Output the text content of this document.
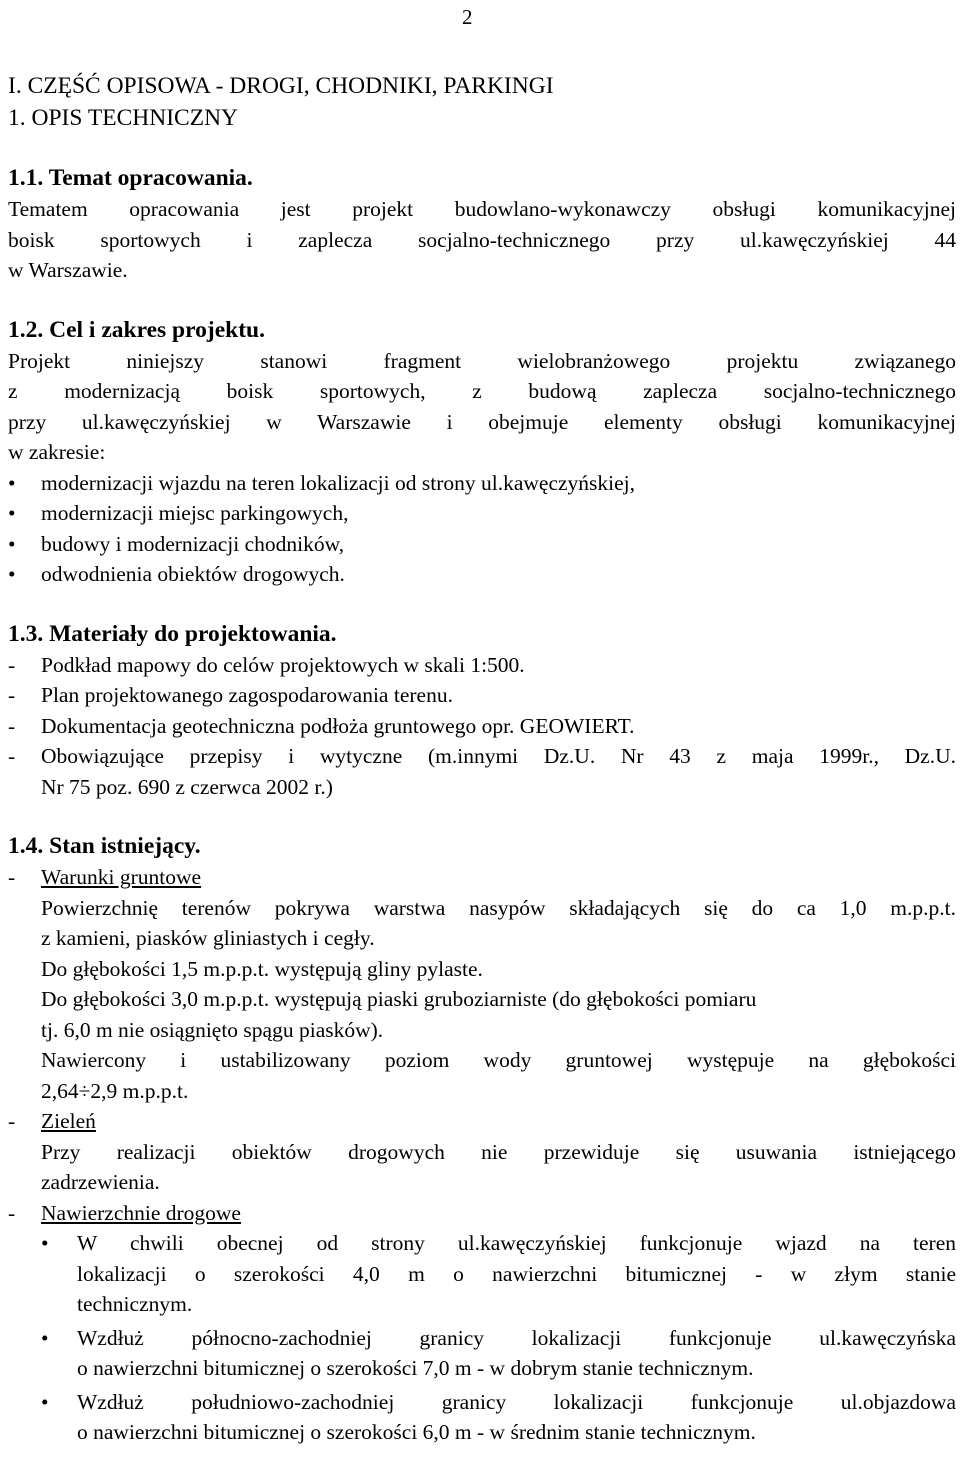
2
I. CZĘŚĆ OPISOWA - DROGI, CHODNIKI, PARKINGI
1. OPIS TECHNICZNY
1.1. Temat opracowania.
Tematem opracowania jest projekt budowlano-wykonawczy obsługi komunikacyjnej
boisk sportowych i zaplecza socjalno-technicznego przy ul.kawęczyńskiej 44
w Warszawie.
1.2. Cel i zakres projektu.
Projekt niniejszy stanowi fragment wielobranżowego projektu związanego
z modernizacją boisk sportowych, z budową zaplecza socjalno-technicznego
przy ul.kawęczyńskiej w Warszawie i obejmuje elementy obsługi komunikacyjnej
w zakresie:
• modernizacji wjazdu na teren lokalizacji od strony ul.kawęczyńskiej,
• modernizacji miejsc parkingowych,
• budowy i modernizacji chodników,
• odwodnienia obiektów drogowych.
1.3. Materiały do projektowania.
- Podkład mapowy do celów projektowych w skali 1:500.
- Plan projektowanego zagospodarowania terenu.
- Dokumentacja geotechniczna podłoża gruntowego opr. GEOWIERT.
- Obowiązujące przepisy i wytyczne (m.innymi Dz.U. Nr 43 z maja 1999r., Dz.U.
Nr 75 poz. 690 z czerwca 2002 r.)
1.4. Stan istniejący.
- Warunki gruntowe
Powierzchnię terenów pokrywa warstwa nasypów składających się do ca 1,0 m.p.p.t.
z kamieni, piasków gliniastych i cegły.
Do głębokości 1,5 m.p.p.t. występują gliny pylaste.
Do głębokości 3,0 m.p.p.t. występują piaski gruboziarniste (do głębokości pomiaru
tj. 6,0 m nie osiągnięto spągu piasków).
Nawiercony i ustabilizowany poziom wody gruntowej występuje na głębokości
2,64÷2,9 m.p.p.t.
- Zieleń
Przy realizacji obiektów drogowych nie przewiduje się usuwania istniejącego
zadrzewienia.
- Nawierzchnie drogowe
• W chwili obecnej od strony ul.kawęczyńskiej funkcjonuje wjazd na teren
lokalizacji o szerokości 4,0 m o nawierzchni bitumicznej - w złym stanie
technicznym.
• Wzdłuż północno-zachodniej granicy lokalizacji funkcjonuje ul.kawęczyńska
o nawierzchni bitumicznej o szerokości 7,0 m - w dobrym stanie technicznym.
• Wzdłuż południowo-zachodniej granicy lokalizacji funkcjonuje ul.objazdowa
o nawierzchni bitumicznej o szerokości 6,0 m - w średnim stanie technicznym.
